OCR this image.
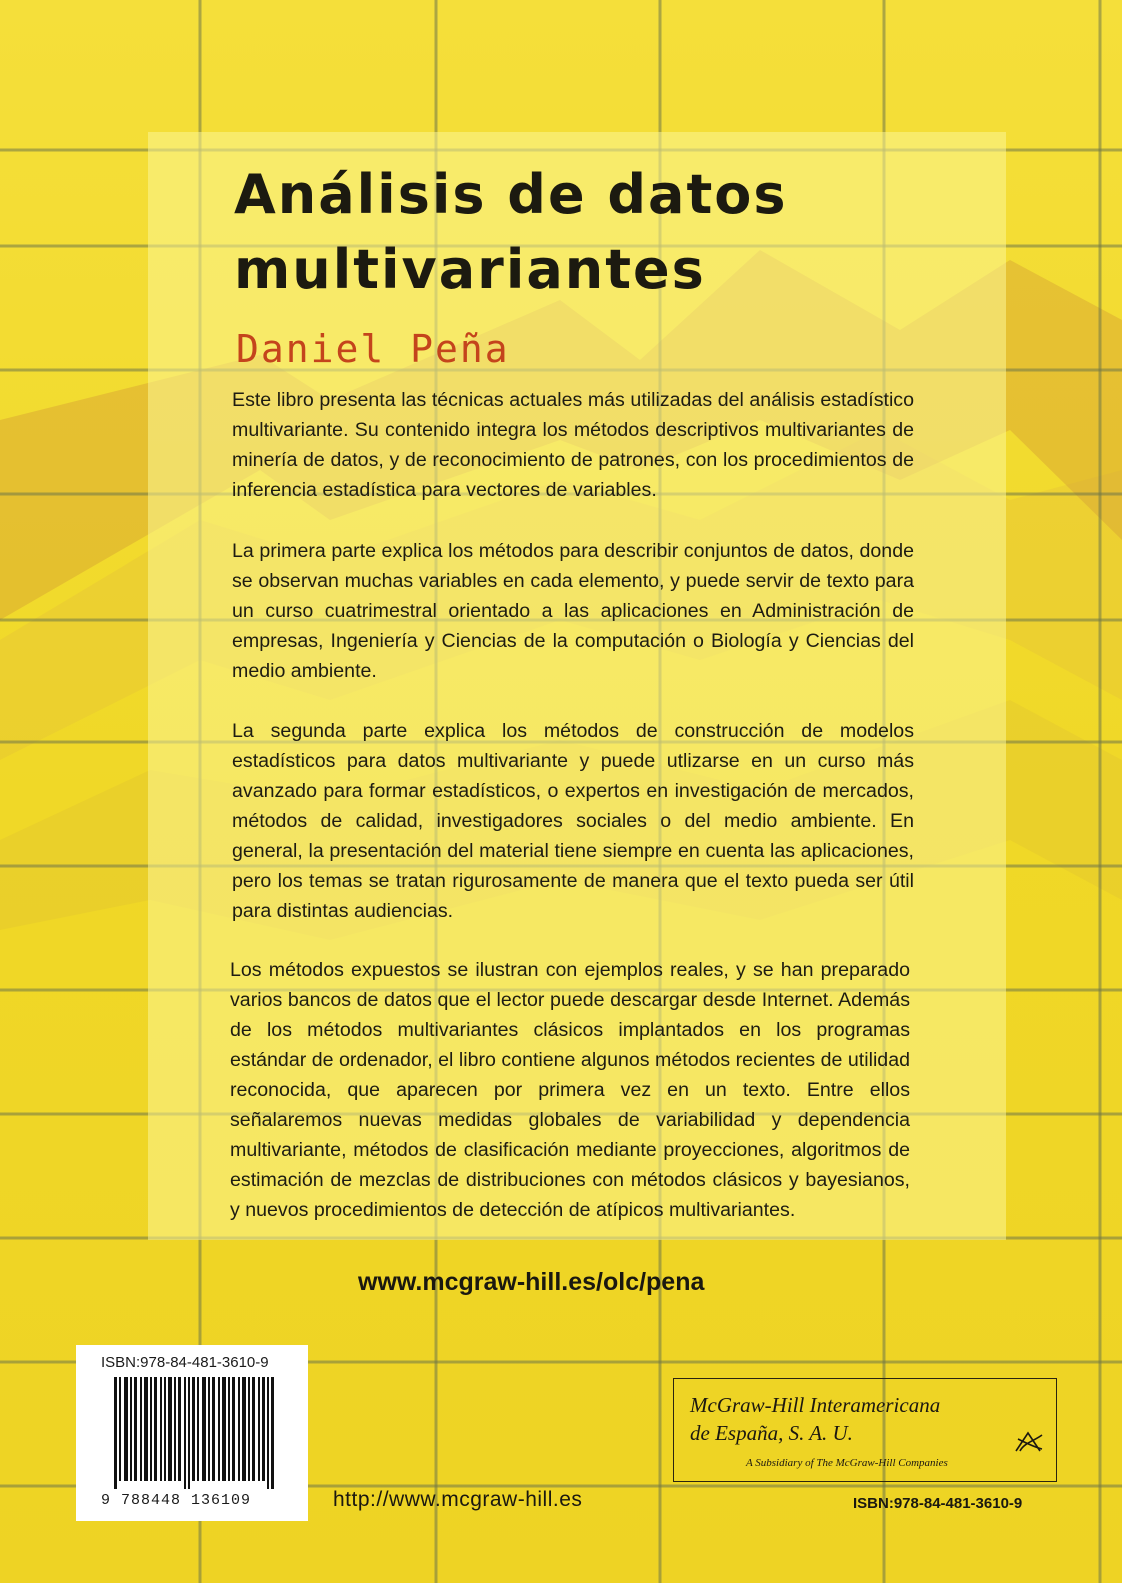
Análisis de datos
multivariantes

Daniel Peña

Este libro presenta las técnicas actuales más utilizadas del análisis estadístico multivariante. Su contenido integra los métodos descriptivos multivariantes de minería de datos, y de reconocimiento de patrones, con los procedimientos de inferencia estadística para vectores de variables.

La primera parte explica los métodos para describir conjuntos de datos, donde se observan muchas variables en cada elemento, y puede servir de texto para un curso cuatrimestral orientado a las aplicaciones en Administración de empresas, Ingeniería y Ciencias de la computación o Biología y Ciencias del medio ambiente.

La segunda parte explica los métodos de construcción de modelos estadísticos para datos multivariante y puede utlizarse en un curso más avanzado para formar estadísticos, o expertos en investigación de mercados, métodos de calidad, investigadores sociales o del medio ambiente. En general, la presentación del material tiene siempre en cuenta las aplicaciones, pero los temas se tratan rigurosamente de manera que el texto pueda ser útil para distintas audiencias.

Los métodos expuestos se ilustran con ejemplos reales, y se han preparado varios bancos de datos que el lector puede descargar desde Internet. Además de los métodos multivariantes clásicos implantados en los programas estándar de ordenador, el libro contiene algunos métodos recientes de utilidad reconocida, que aparecen por primera vez en un texto. Entre ellos señalaremos nuevas medidas globales de variabilidad y dependencia multivariante, métodos de clasificación mediante proyecciones, algoritmos de estimación de mezclas de distribuciones con métodos clásicos y bayesianos, y nuevos procedimientos de detección de atípicos multivariantes.

www.mcgraw-hill.es/olc/pena

ISBN:978-84-481-3610-9

9 788448 136109

McGraw-Hill Interamericana

de España, S. A. U.

A Subsidiary of The McGraw-Hill Companies

http://www.mcgraw-hill.es	ISBN:978-84-481-3610-9
